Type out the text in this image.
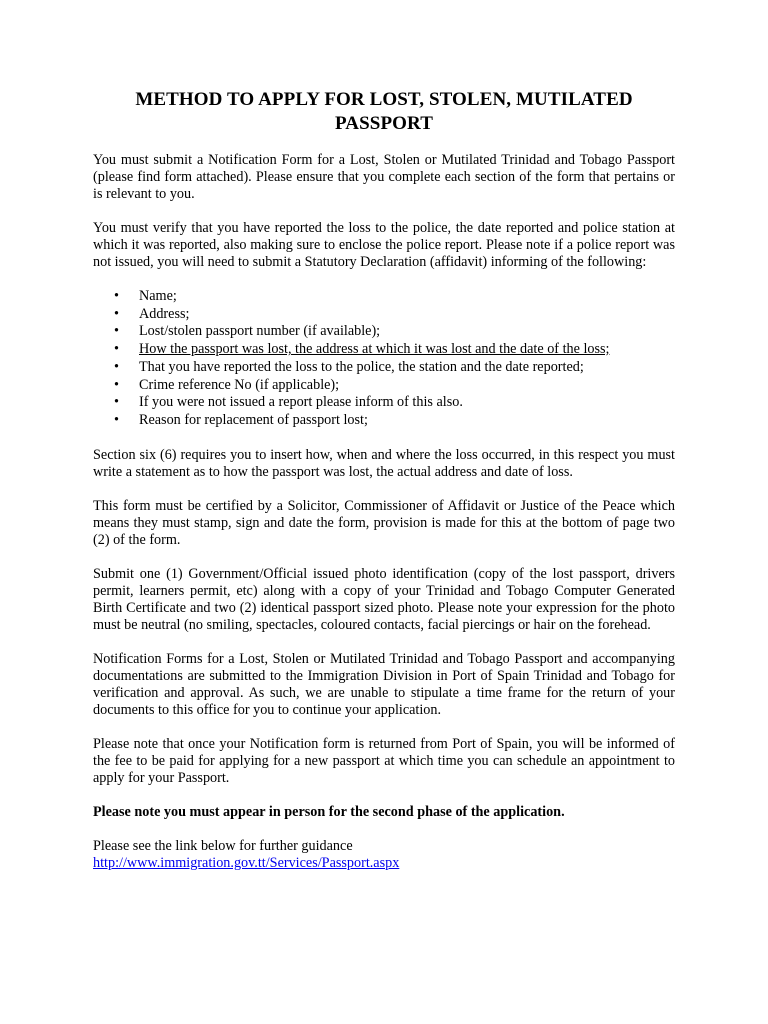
METHOD TO APPLY FOR LOST, STOLEN, MUTILATED PASSPORT

You must submit a Notification Form for a Lost, Stolen or Mutilated Trinidad and Tobago Passport (please find form attached). Please ensure that you complete each section of the form that pertains or is relevant to you.

You must verify that you have reported the loss to the police, the date reported and police station at which it was reported, also making sure to enclose the police report. Please note if a police report was not issued, you will need to submit a Statutory Declaration (affidavit) informing of the following:

• Name;
• Address;
• Lost/stolen passport number (if available);
• How the passport was lost, the address at which it was lost and the date of the loss;
• That you have reported the loss to the police, the station and the date reported;
• Crime reference No (if applicable);
• If you were not issued a report please inform of this also.
• Reason for replacement of passport lost;

Section six (6) requires you to insert how, when and where the loss occurred, in this respect you must write a statement as to how the passport was lost, the actual address and date of loss.

This form must be certified by a Solicitor, Commissioner of Affidavit or Justice of the Peace which means they must stamp, sign and date the form, provision is made for this at the bottom of page two (2) of the form.

Submit one (1) Government/Official issued photo identification (copy of the lost passport, drivers permit, learners permit, etc) along with a copy of your Trinidad and Tobago Computer Generated Birth Certificate and two (2) identical passport sized photo. Please note your expression for the photo must be neutral (no smiling, spectacles, coloured contacts, facial piercings or hair on the forehead.

Notification Forms for a Lost, Stolen or Mutilated Trinidad and Tobago Passport and accompanying documentations are submitted to the Immigration Division in Port of Spain Trinidad and Tobago for verification and approval. As such, we are unable to stipulate a time frame for the return of your documents to this office for you to continue your application.

Please note that once your Notification form is returned from Port of Spain, you will be informed of the fee to be paid for applying for a new passport at which time you can schedule an appointment to apply for your Passport.

Please note you must appear in person for the second phase of the application.

Please see the link below for further guidance

http://www.immigration.gov.tt/Services/Passport.aspx
